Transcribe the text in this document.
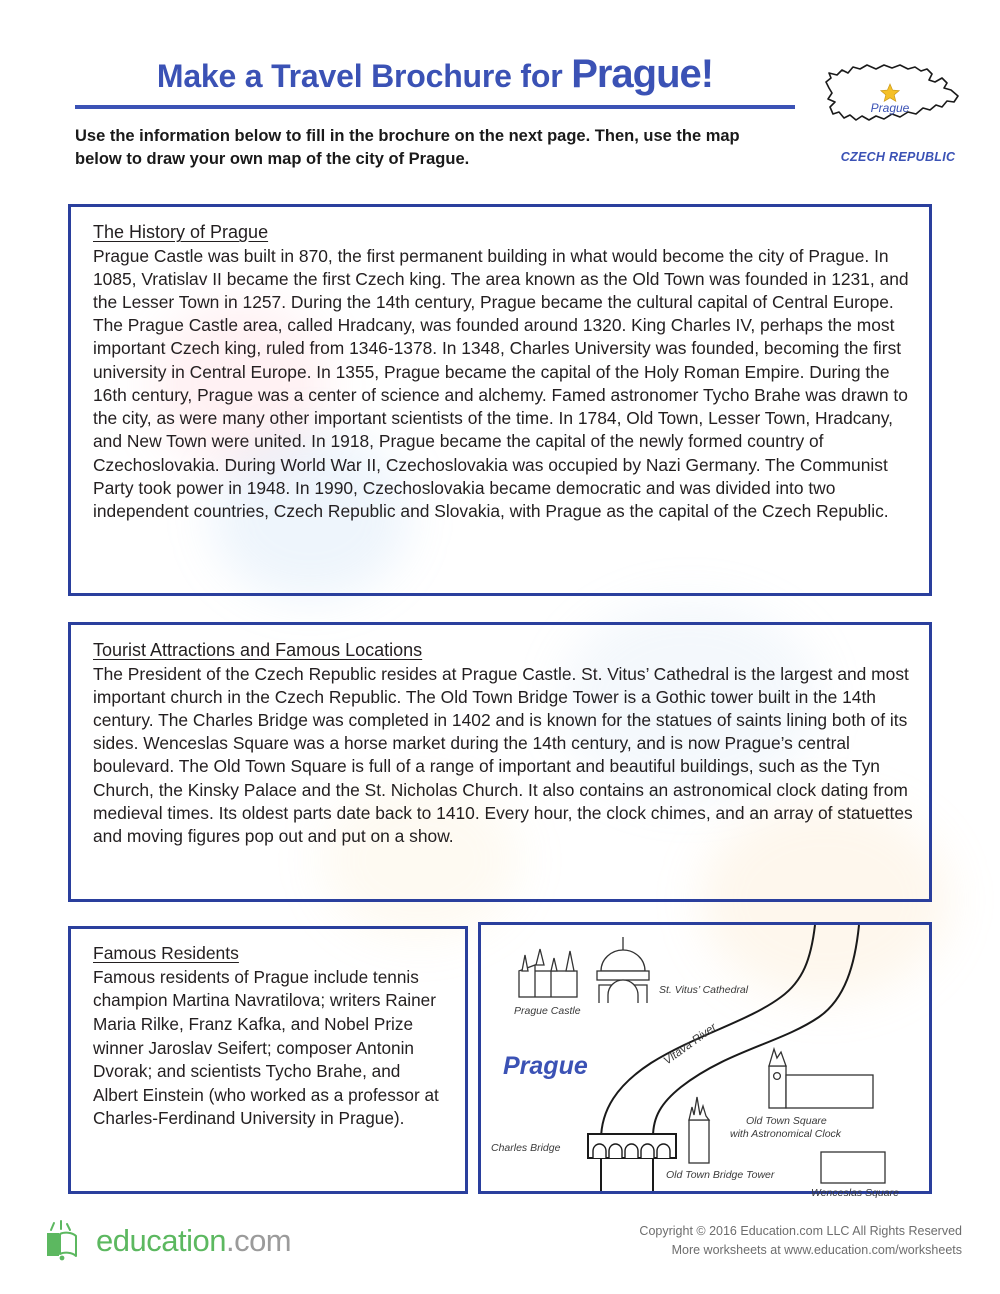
Make a Travel Brochure for Prague!
Use the information below to fill in the brochure on the next page. Then, use the map below to draw your own map of the city of Prague.
Prague
CZECH REPUBLIC
The History of Prague
Prague Castle was built in 870, the first permanent building in what would become the city of Prague. In 1085, Vratislav II became the first Czech king. The area known as the Old Town was founded in 1231, and the Lesser Town in 1257. During the 14th century, Prague became the cultural capital of Central Europe. The Prague Castle area, called Hradcany, was founded around 1320. King Charles IV, perhaps the most important Czech king, ruled from 1346-1378. In 1348, Charles University was founded, becoming the first university in Central Europe. In 1355, Prague became the capital of the Holy Roman Empire. During the 16th century, Prague was a center of science and alchemy. Famed astronomer Tycho Brahe was drawn to the city, as were many other important scientists of the time. In 1784, Old Town, Lesser Town, Hradcany, and New Town were united. In 1918, Prague became the capital of the newly formed country of Czechoslovakia. During World War II, Czechoslovakia was occupied by Nazi Germany. The Communist Party took power in 1948. In 1990, Czechoslovakia became democratic and was divided into two independent countries, Czech Republic and Slovakia, with Prague as the capital of the Czech Republic.
Tourist Attractions and Famous Locations
The President of the Czech Republic resides at Prague Castle. St. Vitus’ Cathedral is the largest and most important church in the Czech Republic. The Old Town Bridge Tower is a Gothic tower built in the 14th century. The Charles Bridge was completed in 1402 and is known for the statues of saints lining both of its sides. Wenceslas Square was a horse market during the 14th century, and is now Prague’s central boulevard. The Old Town Square is full of a range of important and beautiful buildings, such as the Tyn Church, the Kinsky Palace and the St. Nicholas Church. It also contains an astronomical clock dating from medieval times. Its oldest parts date back to 1410. Every hour, the clock chimes, and an array of statuettes and moving figures pop out and put on a show.
Famous Residents
Famous residents of Prague include tennis champion Martina Navratilova; writers Rainer Maria Rilke, Franz Kafka, and Nobel Prize winner Jaroslav Seifert; composer Antonin Dvorak; and scientists Tycho Brahe, and Albert Einstein (who worked as a professor at Charles-Ferdinand University in Prague).
Vltava River
Prague Castle
St. Vitus’ Cathedral
Prague
Charles Bridge
Old Town Bridge Tower
Old Town Square
with Astronomical Clock
Wenceslas Square
education.com	Copyright © 2016 Education.com LLC All Rights Reserved
More worksheets at www.education.com/worksheets
